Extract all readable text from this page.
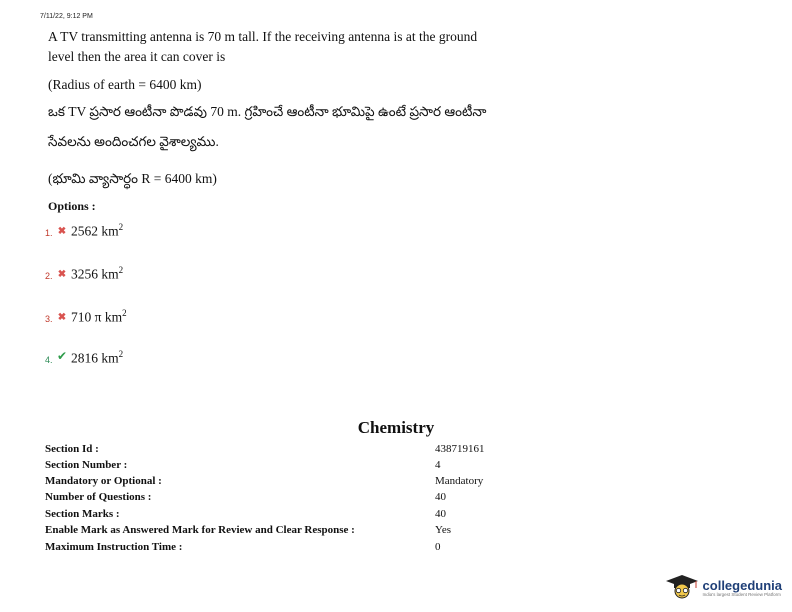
7/11/22, 9:12 PM
A TV transmitting antenna is 70 m tall. If the receiving antenna is at the ground
level then the area it can cover is
(Radius of earth = 6400 km)
ఒక TV ప్రసార ఆంటీనా పొడవు 70 m. గ్రహించే ఆంటీనా భూమిపై ఉంటే ప్రసార ఆంటీనా
సేవలను అందించగల వైశాల్యము.
(భూమి వ్యాసార్ధం R = 6400 km)
Options :
1. ✖ 2562 $km^2$
2. ✖ 3256 $km^2$
3. ✖ 710 π $km^2$
4. ✔ 2816 $km^2$
Chemistry
Section Id :	438719161
Section Number :	4
Mandatory or Optional :	Mandatory
Number of Questions :	40
Section Marks :	40
Enable Mark as Answered Mark for Review and Clear Response :	Yes
Maximum Instruction Time :	0
collegedunia
India's largest Student Review Platform
